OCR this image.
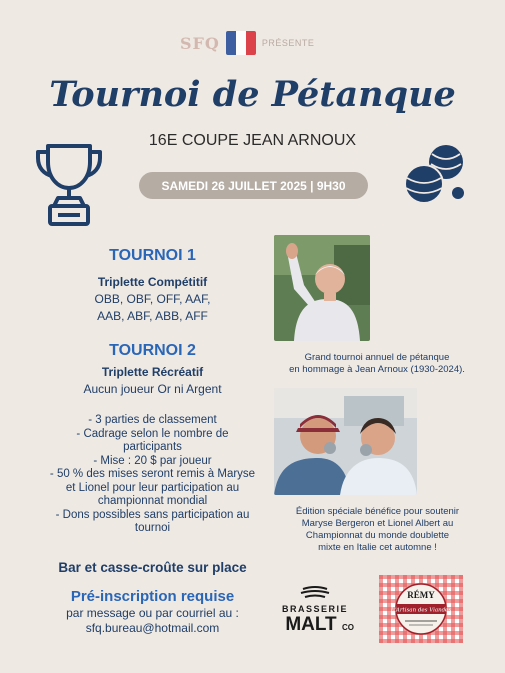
SFQ	PRÉSENTE
Tournoi de Pétanque
16E COUPE JEAN ARNOUX
SAMEDI 26 JUILLET 2025 | 9H30
TOURNOI 1
Triplette Compétitif
OBB, OBF, OFF, AAF,
AAB, ABF, ABB, AFF
TOURNOI 2
Triplette Récréatif
Aucun joueur Or ni Argent
- 3 parties de classement
- Cadrage selon le nombre de
participants
- Mise : 20 $ par joueur
- 50 % des mises seront remis à Maryse
et Lionel pour leur participation au
championnat mondial
- Dons possibles sans participation au
tournoi
Bar et casse-croûte sur place
Pré-inscription requise
par message ou par courriel au :
sfq.bureau@hotmail.com
Grand tournoi annuel de pétanque
en hommage à Jean Arnoux (1930-2024).
Édition spéciale bénéfice pour soutenir
Maryse Bergeron et Lionel Albert au
Championnat du monde doublette
mixte en Italie cet automne !
BRASSERIE
MALT CO
RÉMY
L'Artisan des Viandes
